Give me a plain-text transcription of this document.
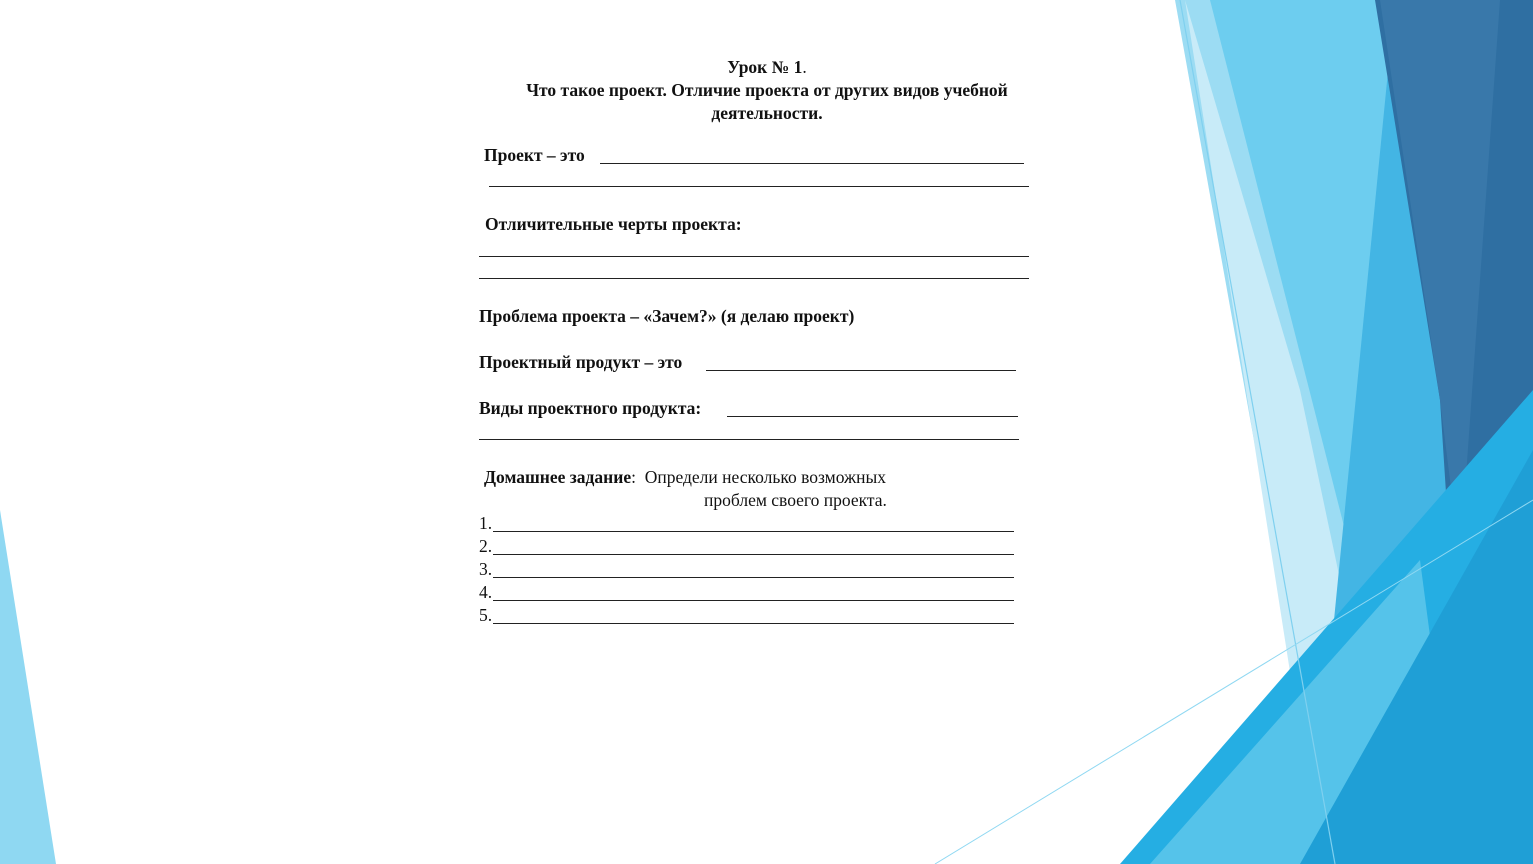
Урок № 1.
Что такое проект. Отличие проекта от других видов учебной
деятельности.
Проект – это
Отличительные черты проекта:
Проблема проекта – «Зачем?» (я делаю проект)
Проектный продукт – это
Виды проектного продукта:
Домашнее задание: Определи несколько возможных
проблем своего проекта.
1.
2.
3.
4.
5.
